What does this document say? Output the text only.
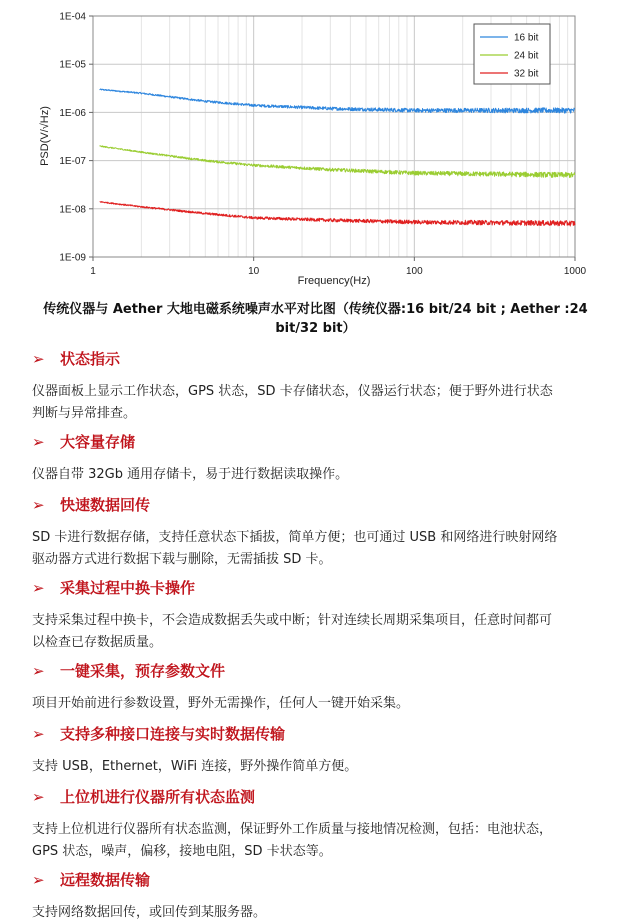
1E-09
1E-08
1E-07
1E-06
1E-05
1E-04
1	10	100	1000
Frequency(Hz)
PSD(V/√Hz)
16 bit
24 bit
32 bit
传统仪器与 Aether 大地电磁系统噪声水平对比图（传统仪器:16 bit/24 bit ; Aether :24
bit/32 bit）
➢	状态指示
仪器面板上显示工作状态，GPS 状态，SD 卡存储状态，仪器运行状态；便于野外进行状态
判断与异常排查。
➢	大容量存储
仪器自带 32Gb 通用存储卡，易于进行数据读取操作。
➢	快速数据回传
SD 卡进行数据存储，支持任意状态下插拔，简单方便；也可通过 USB 和网络进行映射网络
驱动器方式进行数据下载与删除，无需插拔 SD 卡。
➢	采集过程中换卡操作
支持采集过程中换卡，不会造成数据丢失或中断；针对连续长周期采集项目，任意时间都可
以检查已存数据质量。
➢	一键采集，预存参数文件
项目开始前进行参数设置，野外无需操作，任何人一键开始采集。
➢	支持多种接口连接与实时数据传输
支持 USB，Ethernet，WiFi 连接，野外操作简单方便。
➢	上位机进行仪器所有状态监测
支持上位机进行仪器所有状态监测，保证野外工作质量与接地情况检测，包括：电池状态，
GPS 状态，噪声，偏移，接地电阻，SD 卡状态等。
➢	远程数据传输
支持网络数据回传，或回传到某服务器。
